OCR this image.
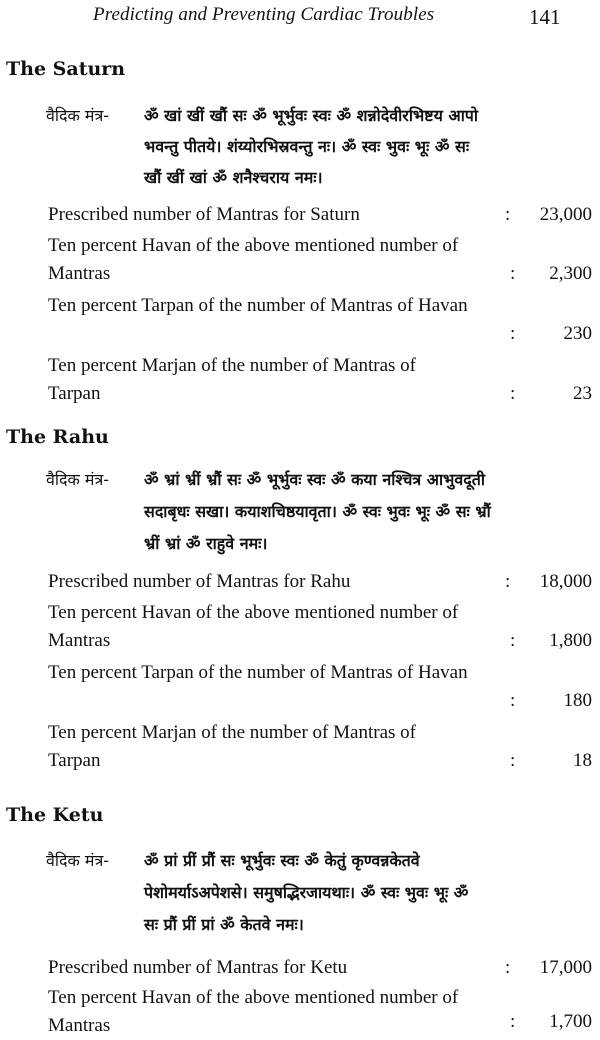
Predicting and Preventing Cardiac Troubles	141
The Saturn
वैदिक मंत्र- ॐ खां खीं खौं सः ॐ भूर्भुवः स्वः ॐ शन्नोदेवीरभिष्टय आपो
भवन्तु पीतये। शंय्योरभिस्रवन्तु नः। ॐ स्वः भुवः भूः ॐ सः
खौं खीं खां ॐ शनैश्चराय नमः।
Prescribed number of Mantras for Saturn	: 23,000
Ten percent Havan of the above mentioned number of Mantras	: 2,300
Ten percent Tarpan of the number of Mantras of Havan
:	230
Ten percent Marjan of the number of Mantras of Tarpan	:	23
The Rahu
वैदिक मंत्र- ॐ भ्रां भ्रीं भ्रौं सः ॐ भूर्भुवः स्वः ॐ कया नश्चित्र आभुवदूती
सदाबृधः सखा। कयाशचिष्ठयावृता। ॐ स्वः भुवः भूः ॐ सः भ्रौं
भ्रीं भ्रां ॐ राहुवे नमः।
Prescribed number of Mantras for Rahu	: 18,000
Ten percent Havan of the above mentioned number of Mantras	: 1,800
Ten percent Tarpan of the number of Mantras of Havan
:	180
Ten percent Marjan of the number of Mantras of Tarpan	:	18
The Ketu
वैदिक मंत्र- ॐ प्रां प्रीं प्रौं सः भूर्भुवः स्वः ॐ केतुं कृण्वन्नकेतवे
पेशोमर्याऽअपेशसे। समुषद्भिरजायथाः। ॐ स्वः भुवः भूः ॐ
सः प्रौं प्रीं प्रां ॐ केतवे नमः।
Prescribed number of Mantras for Ketu	: 17,000
Ten percent Havan of the above mentioned number of Mantras	: 1,700
